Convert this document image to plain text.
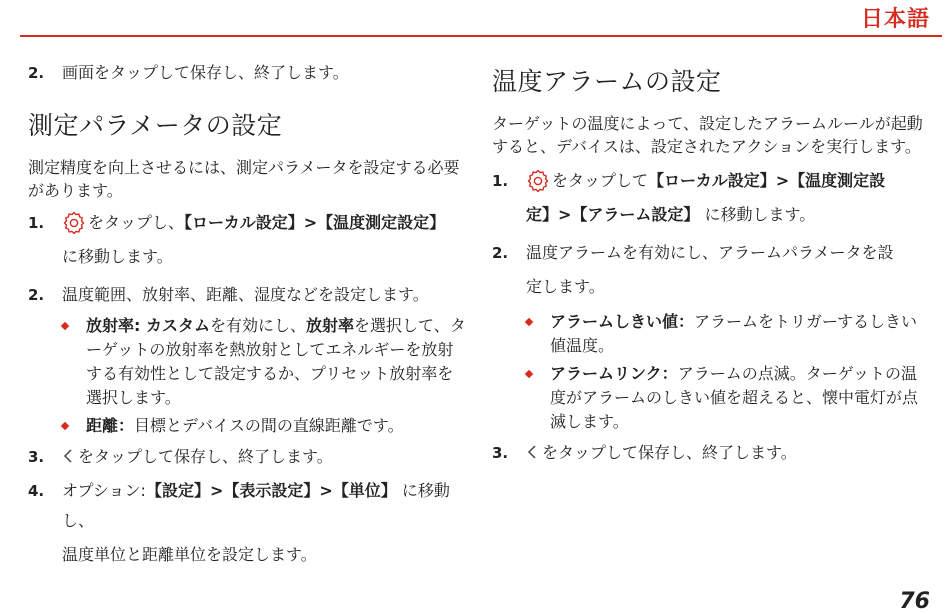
日本語
2. 画面をタップして保存し、終了します。
測定パラメータの設定

測定精度を向上させるには、測定パラメータを設定する必要があります。

1.	をタップし、【ローカル設定】>【温度測定設定】
に移動します。
2. 温度範囲、放射率、距離、湿度などを設定します。
放射率: カスタムを有効にし、放射率を選択して、ターゲットの放射率を熱放射としてエネルギーを放射する有効性として設定するか、プリセット放射率を選択します。
距離：目標とデバイスの間の直線距離です。
3. をタップして保存し、終了します。
4. オプション:【設定】>【表示設定】>【単位】 に移動し、
温度単位と距離単位を設定します。
温度アラームの設定

ターゲットの温度によって、設定したアラームルールが起動すると、デバイスは、設定されたアクションを実行します。

1.	をタップして【ローカル設定】>【温度測定設
定】>【アラーム設定】 に移動します。
2. 温度アラームを有効にし、アラームパラメータを設
定します。
アラームしきい値：アラームをトリガーするしきい値温度。
アラームリンク：アラームの点滅。ターゲットの温度がアラームのしきい値を超えると、懐中電灯が点滅します。
3. をタップして保存し、終了します。
76
